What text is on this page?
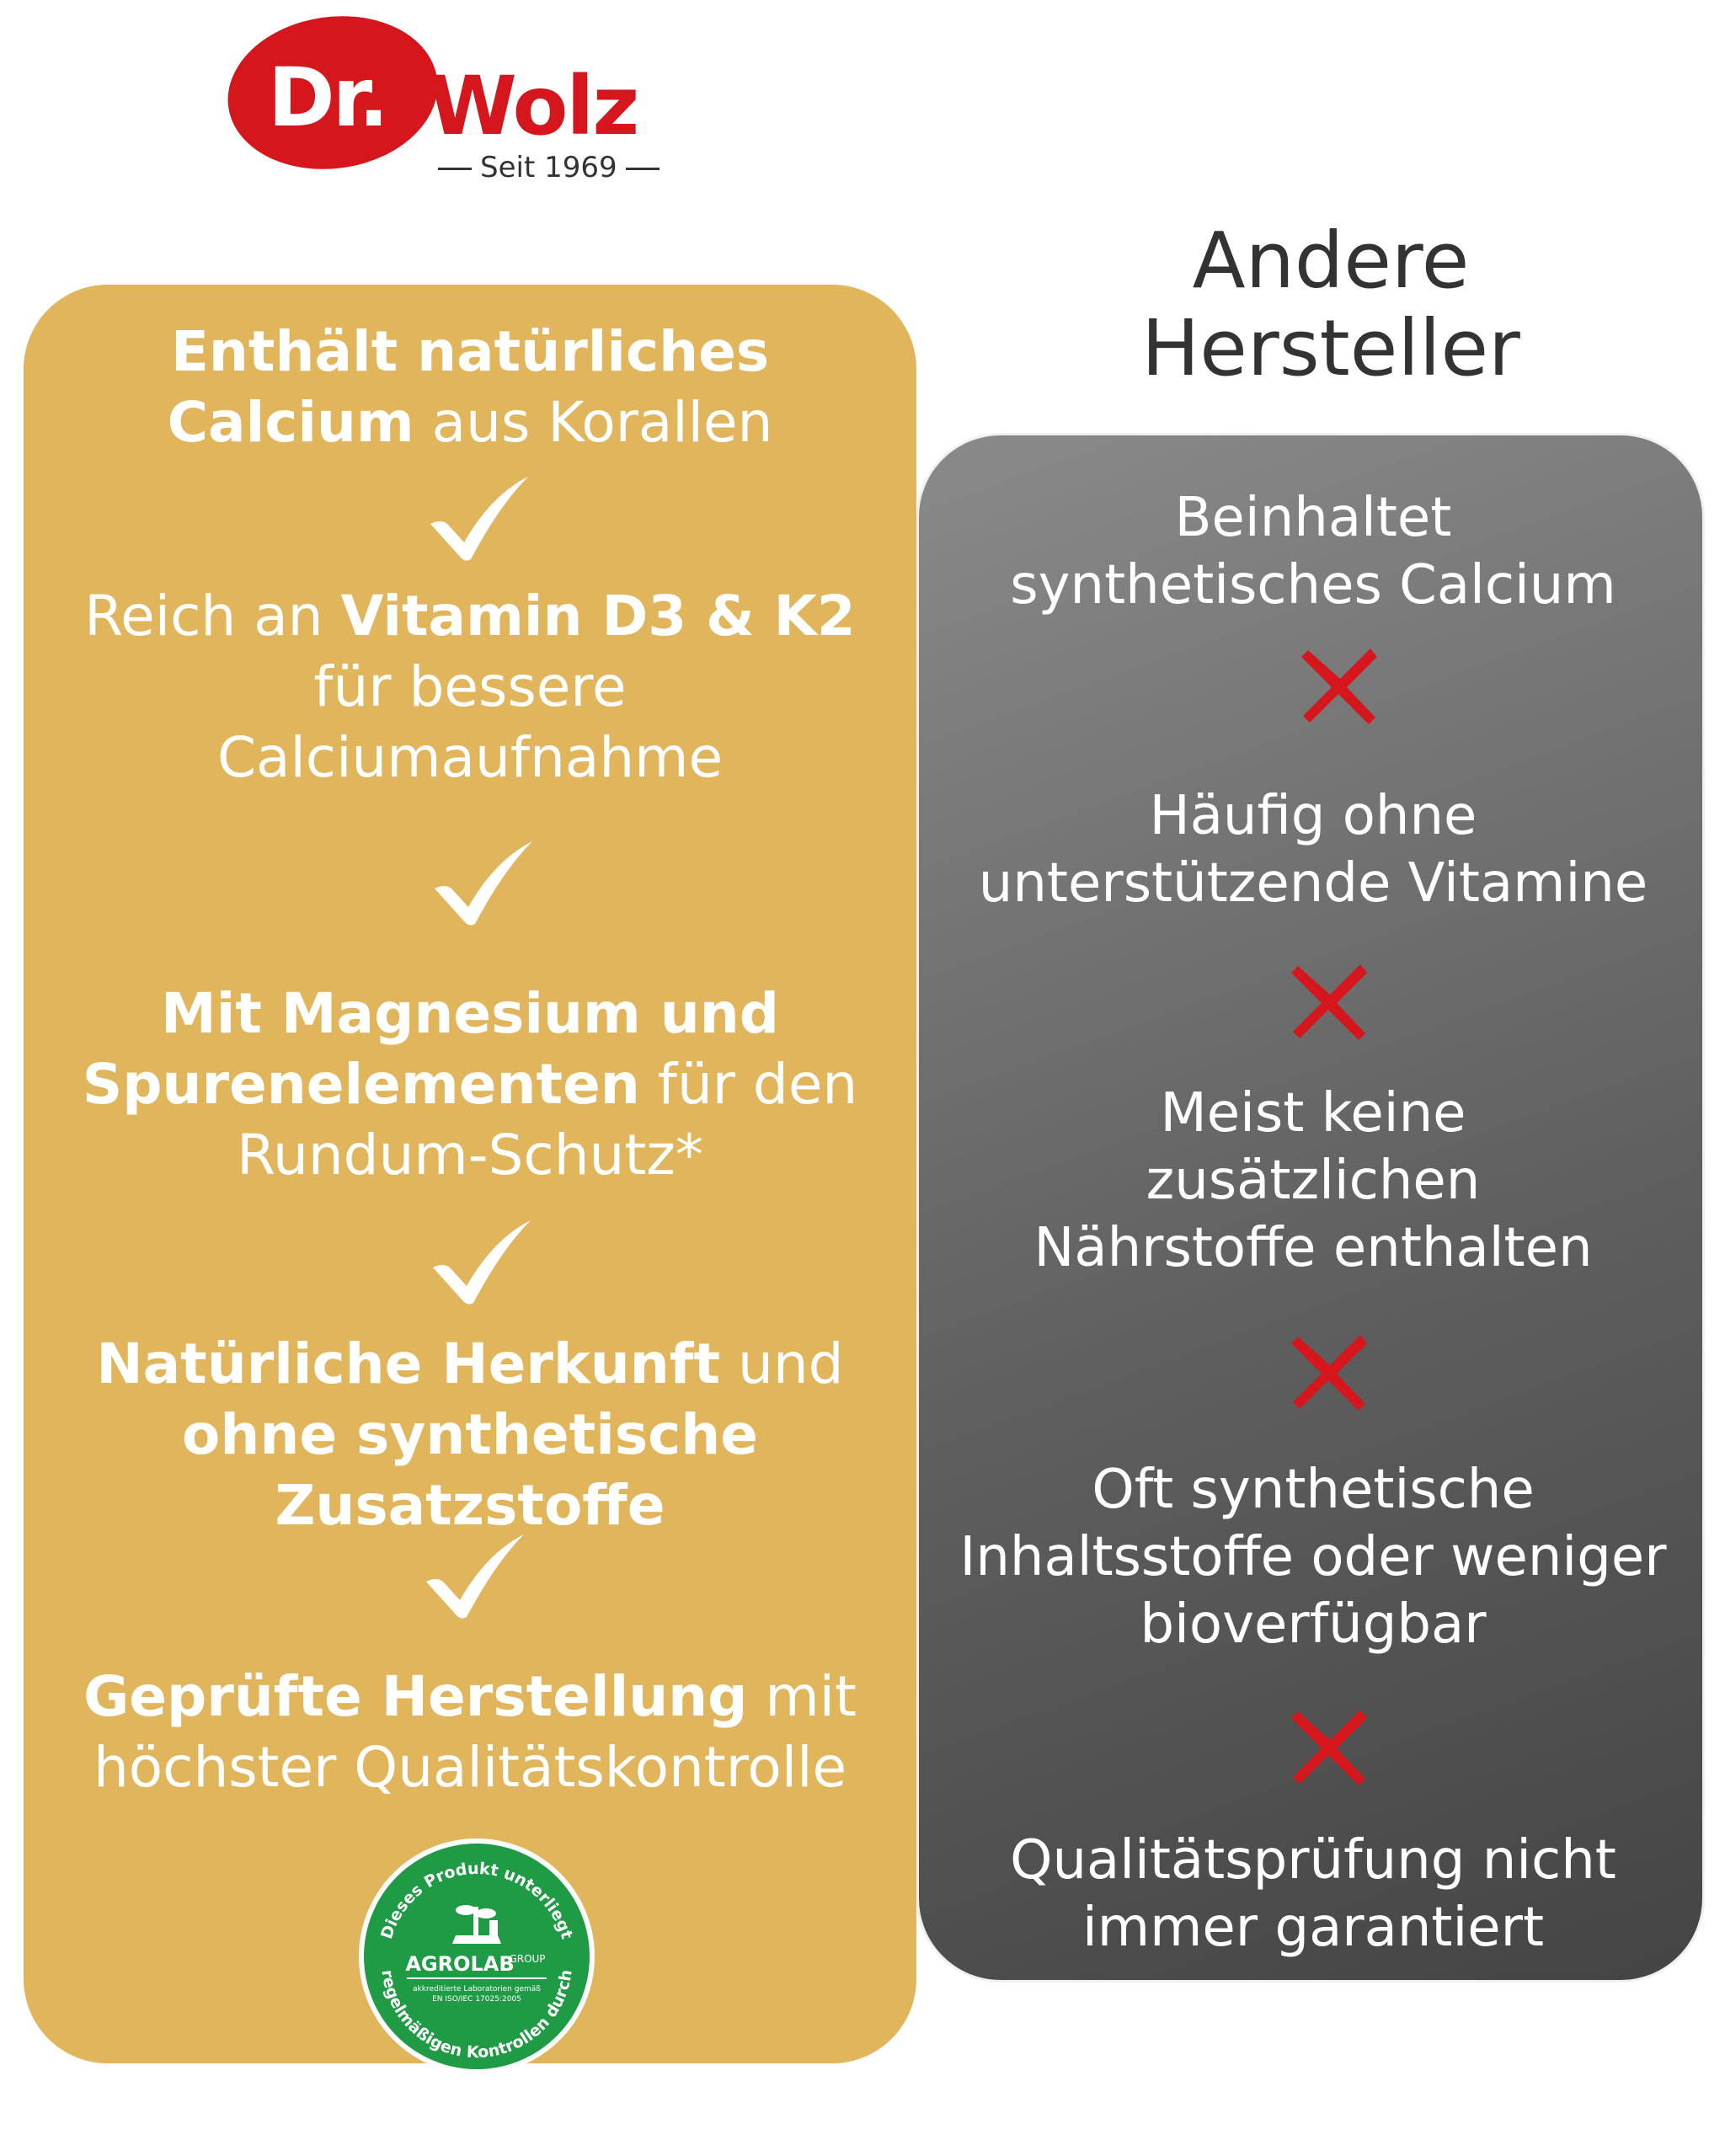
Dr. Wolz
Seit 1969
Andere
Hersteller
Enthält natürliches
Calcium aus Korallen
Reich an Vitamin D3 & K2
für bessere
Calciumaufnahme
Mit Magnesium und
Spurenelementen für den
Rundum-Schutz*
Natürliche Herkunft und
ohne synthetische
Zusatzstoffe
Geprüfte Herstellung mit
höchster Qualitätskontrolle
Dieses Produkt unterliegt
regelmäßigen Kontrollen durch
AGROLAB
GROUP
akkreditierte Laboratorien gemäß
EN ISO/IEC 17025:2005
Beinhaltet
synthetisches Calcium
Häufig ohne
unterstützende Vitamine
Meist keine
zusätzlichen
Nährstoffe enthalten
Oft synthetische
Inhaltsstoffe oder weniger
bioverfügbar
Qualitätsprüfung nicht
immer garantiert
